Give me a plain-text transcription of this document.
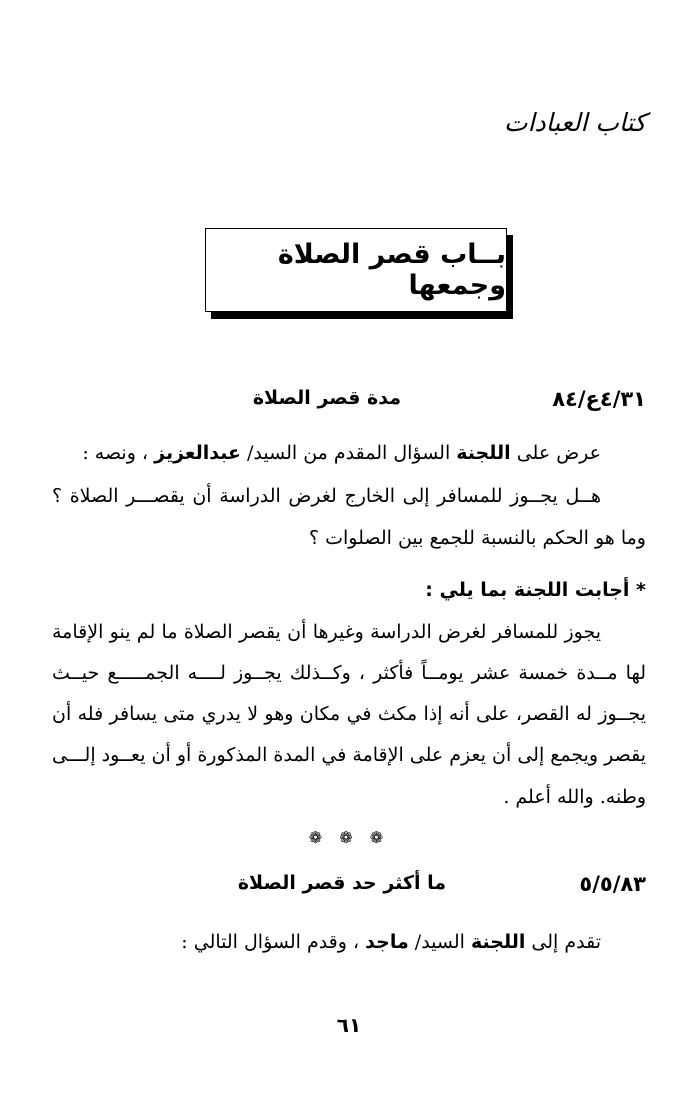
كتاب العبادات
بــاب قصر الصلاة وجمعها
٤/٣١ع/٨٤
مدة قصر الصلاة
عرض على اللجنة السؤال المقدم من السيد/ عبدالعزيز ، ونصه :
هــل يجــوز للمسافر إلى الخارج لغرض الدراسة أن يقصـــر الصلاة ؟
وما هو الحكم بالنسبة للجمع بين الصلوات ؟
* أجابت اللجنة بما يلي :
يجوز للمسافر لغرض الدراسة وغيرها أن يقصر الصلاة ما لم ينو الإقامة
لها مــدة خمسة عشر يومــاً فأكثر ، وكــذلك يجــوز لــــه الجمـــــع حيــث
يجــوز له القصر، على أنه إذا مكث في مكان وهو لا يدري متى يسافر فله أن
يقصر ويجمع إلى أن يعزم على الإقامة في المدة المذكورة أو أن يعــود إلـــى
وطنه. والله أعلم .
❁ ❁ ❁
٥/٥/٨٣
ما أكثر حد قصر الصلاة
تقدم إلى اللجنة السيد/ ماجد ، وقدم السؤال التالي :
٦١
